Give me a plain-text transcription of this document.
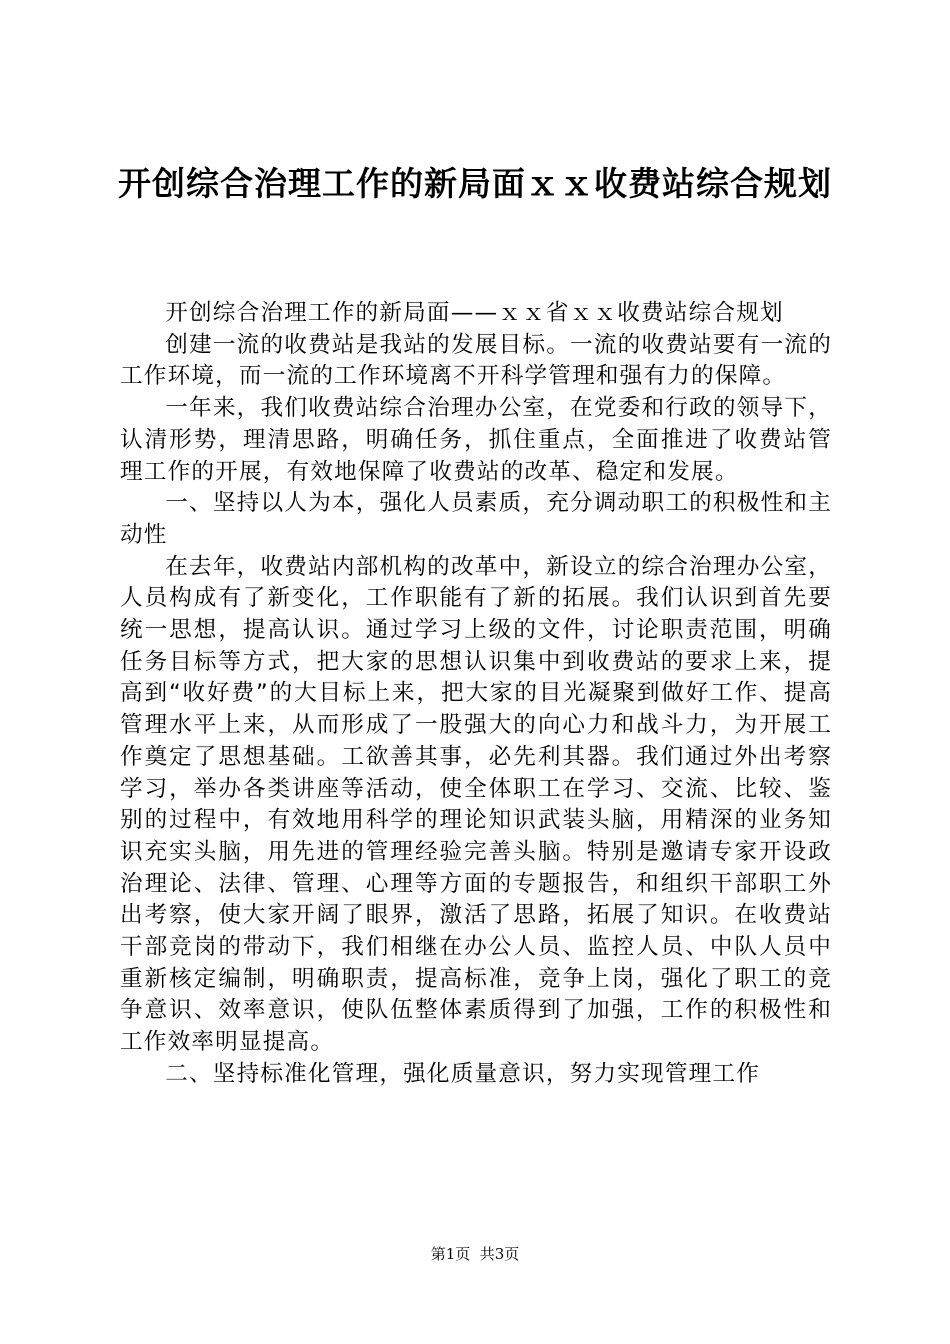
开创综合治理工作的新局面ｘｘ收费站综合规划

开创综合治理工作的新局面——ｘｘ省ｘｘ收费站综合规划

创建一流的收费站是我站的发展目标。一流的收费站要有一流的工作环境，而一流的工作环境离不开科学管理和强有力的保障。

一年来，我们收费站综合治理办公室，在党委和行政的领导下，认清形势，理清思路，明确任务，抓住重点，全面推进了收费站管理工作的开展，有效地保障了收费站的改革、稳定和发展。

一、坚持以人为本，强化人员素质，充分调动职工的积极性和主动性

在去年，收费站内部机构的改革中，新设立的综合治理办公室，人员构成有了新变化，工作职能有了新的拓展。我们认识到首先要统一思想，提高认识。通过学习上级的文件，讨论职责范围，明确任务目标等方式，把大家的思想认识集中到收费站的要求上来，提高到“收好费”的大目标上来，把大家的目光凝聚到做好工作、提高管理水平上来，从而形成了一股强大的向心力和战斗力，为开展工作奠定了思想基础。工欲善其事，必先利其器。我们通过外出考察学习，举办各类讲座等活动，使全体职工在学习、交流、比较、鉴别的过程中，有效地用科学的理论知识武装头脑，用精深的业务知识充实头脑，用先进的管理经验完善头脑。特别是邀请专家开设政治理论、法律、管理、心理等方面的专题报告，和组织干部职工外出考察，使大家开阔了眼界，激活了思路，拓展了知识。在收费站干部竞岗的带动下，我们相继在办公人员、监控人员、中队人员中重新核定编制，明确职责，提高标准，竞争上岗，强化了职工的竞争意识、效率意识，使队伍整体素质得到了加强，工作的积极性和工作效率明显提高。

二、坚持标准化管理，强化质量意识，努力实现管理工作

第1页  共3页
